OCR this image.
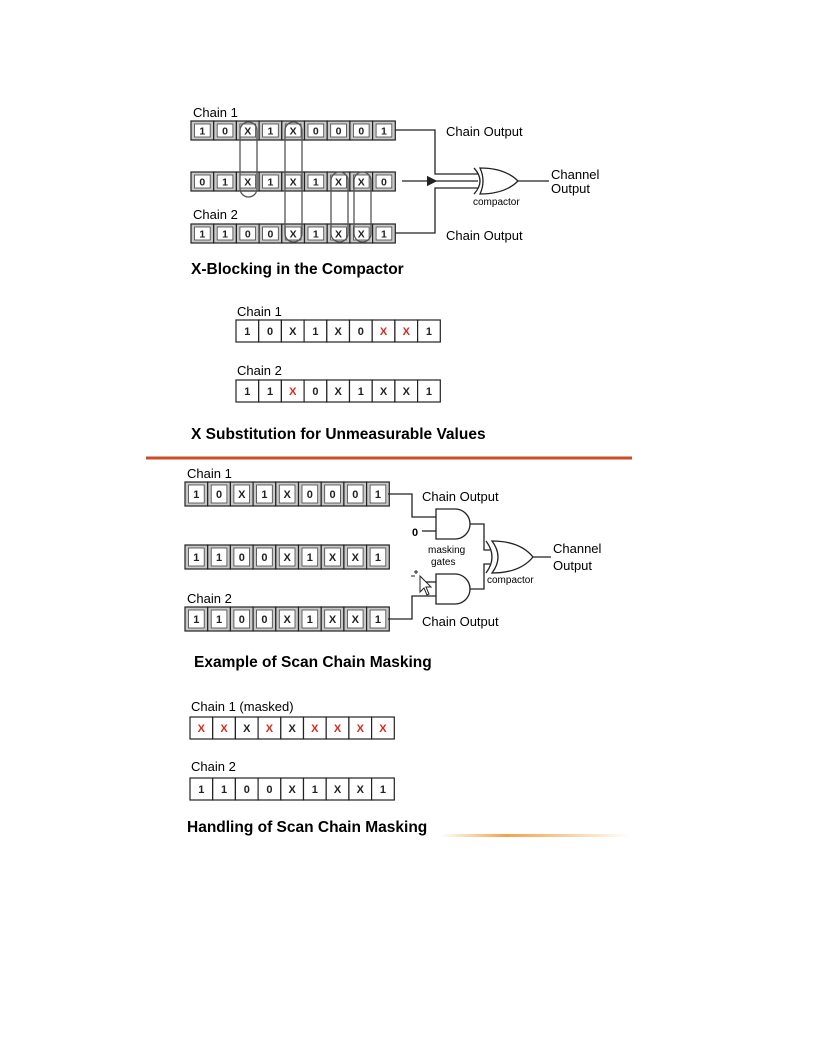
Chain 1
1 0 X 1 X 0 0 0 1
0 1 X 1 X 1 X X 0
Chain 2
1 1 0 0 X 1 X X 1
Chain Output
Chain Output
compactor
Channel
Output
X-Blocking in the Compactor
Chain 1
1 0 X 1 X 0 X X 1
Chain 2
1 1 X 0 X 1 X X 1
X Substitution for Unmeasurable Values
Chain 1
1 0 X 1 X 0 0 0 1
1 1 0 0 X 1 X X 1
Chain 2
1 1 0 0 X 1 X X 1
Chain Output
Chain Output
0
masking
gates
compactor
Channel
Output
Example of Scan Chain Masking
Chain 1 (masked)
X X X X X X X X X
Chain 2
1 1 0 0 X 1 X X 1
Handling of Scan Chain Masking
